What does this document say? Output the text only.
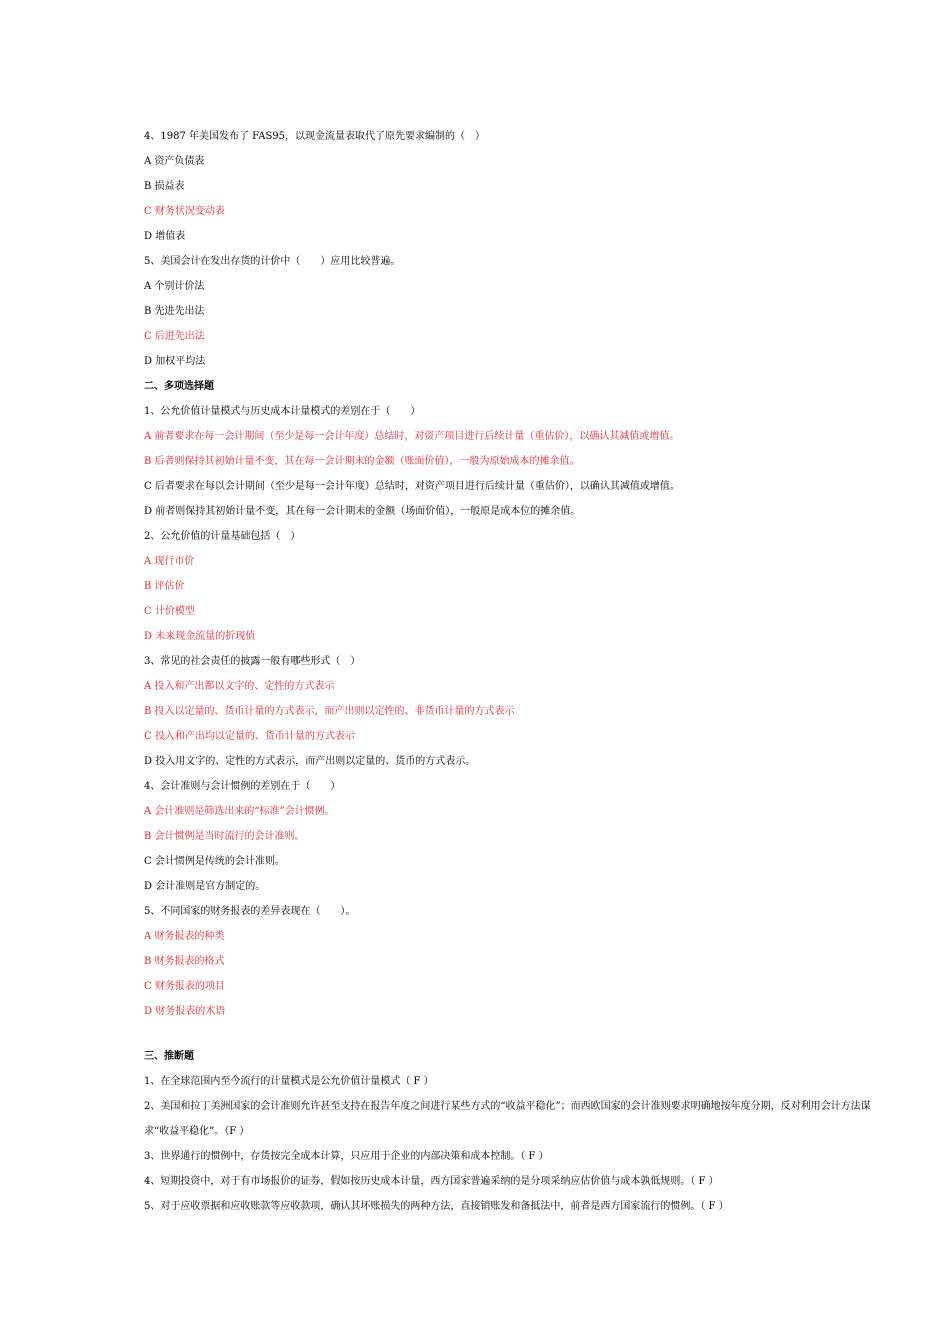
4、1987 年美国发布了 FAS95，以现金流量表取代了原先要求编制的（　）
A 资产负债表
B 损益表
C 财务状况变动表
D 增值表
5、美国会计在发出存货的计价中（　　）应用比较普遍。
A 个别计价法
B 先进先出法
C 后进先出法
D 加权平均法
二、多项选择题
1、公允价值计量模式与历史成本计量模式的差别在于（　　）
A 前者要求在每一会计期间（至少是每一会计年度）总结时，对资产项目进行后续计量（重估价），以确认其减值或增值。
B 后者则保持其初始计量不变，其在每一会计期末的金额（账面价值），一般为原始成本的摊余值。
C 后者要求在每以会计期间（至少是每一会计年度）总结时，对资产项目进行后续计量（重估价），以确认其减值或增值。
D 前者则保持其初始计量不变，其在每一会计期末的金额（场面价值），一般原是成本位的摊余值。
2、公允价值的计量基础包括（　）
A 现行市价
B 评估价
C 计价模型
D 未来现金流量的折现值
3、常见的社会责任的披露一般有哪些形式（　）
A 投入和产出都以文字的、定性的方式表示
B 投入以定量的、货币计量的方式表示，而产出则以定性的、非货币计量的方式表示
C 投入和产出均以定量的、货币计量的方式表示
D 投入用文字的、定性的方式表示，而产出则以定量的、货币的方式表示。
4、会计准则与会计惯例的差别在于（　　）
A 会计准则是筛选出来的“标准”会计惯例。
B 会计惯例是当时流行的会计准则。
C 会计惯例是传统的会计准则。
D 会计准则是官方制定的。
5、不同国家的财务报表的差异表现在（　　）。
A 财务报表的种类
B 财务报表的格式
C 财务报表的项目
D 财务报表的术语
三、推断题
1、在全球范围内至今流行的计量模式是公允价值计量模式（ F ）
2、美国和拉丁美洲国家的会计准则允许甚至支持在报告年度之间进行某些方式的“收益平稳化”；而西欧国家的会计准则要求明确地按年度分期，反对利用会计方法谋求“收益平稳化”。（F ）
3、世界通行的惯例中，存货按完全成本计算，只应用于企业的内部决策和成本控制。（ F ）
4、短期投资中，对于有市场报价的证券，假如按历史成本计量，西方国家普遍采纳的是分项采纳应估价值与成本孰低规则。（ F ）
5、对于应收票据和应收账款等应收款项，确认其坏账损失的两种方法，直接销账发和备抵法中，前者是西方国家流行的惯例。（ F ）
